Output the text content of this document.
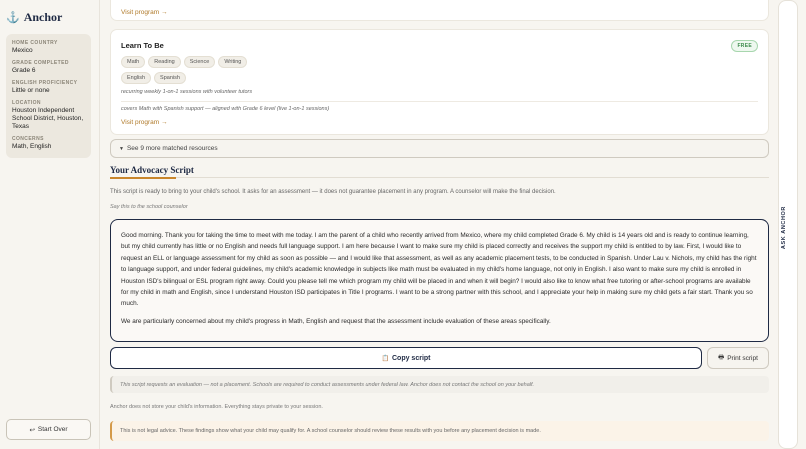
⚓ Anchor
HOME COUNTRY
Mexico
GRADE COMPLETED
Grade 6
ENGLISH PROFICIENCY
Little or none
LOCATION
Houston Independent School District, Houston, Texas
CONCERNS
Math, English
↩ Start Over
Visit program →
Learn To Be	FREE
Math	Reading	Science	Writing
English	Spanish
recurring weekly 1-on-1 sessions with volunteer tutors
covers Math with Spanish support — aligned with Grade 6 level (live 1-on-1 sessions)
Visit program →
▼ See 9 more matched resources
Your Advocacy Script

This script is ready to bring to your child's school. It asks for an assessment — it does not guarantee placement in any program. A counselor will make the final decision.

Say this to the school counselor

Good morning. Thank you for taking the time to meet with me today. I am the parent of a child who recently arrived from Mexico, where my child completed Grade 6. My child is 14 years old and is ready to continue learning, but my child currently has little or no English and needs full language support. I am here because I want to make sure my child is placed correctly and receives the support my child is entitled to by law. First, I would like to request an ELL or language assessment for my child as soon as possible — and I would like that assessment, as well as any academic placement tests, to be conducted in Spanish. Under Lau v. Nichols, my child has the right to language support, and under federal guidelines, my child's academic knowledge in subjects like math must be evaluated in my child's home language, not only in English. I also want to make sure my child is enrolled in Houston ISD's bilingual or ESL program right away. Could you please tell me which program my child will be placed in and when it will begin? I would also like to know what free tutoring or after-school programs are available for my child in math and English, since I understand Houston ISD participates in Title I programs. I want to be a strong partner with this school, and I appreciate your help in making sure my child gets a fair start. Thank you so much.

We are particularly concerned about my child's progress in Math, English and request that the assessment include evaluation of these areas specifically.

📋 Copy script	🖶 Print script
This script requests an evaluation — not a placement. Schools are required to conduct assessments under federal law. Anchor does not contact the school on your behalf.

Anchor does not store your child's information. Everything stays private to your session.

This is not legal advice. These findings show what your child may qualify for. A school counselor should review these results with you before any placement decision is made.
ASK ANCHOR
